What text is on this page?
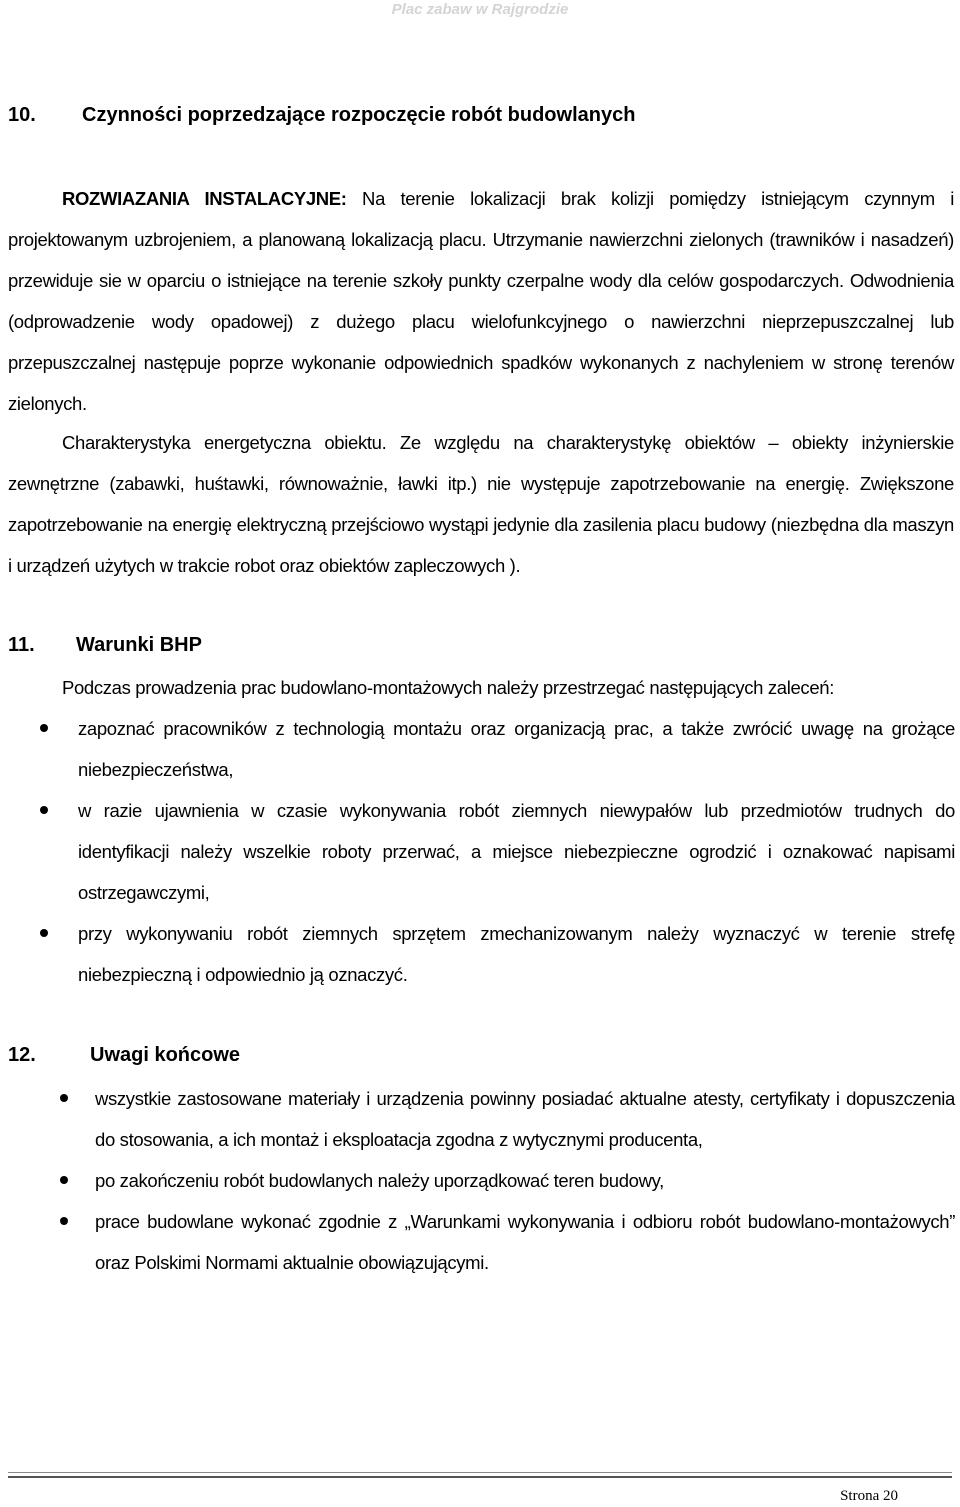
Plac zabaw w Rajgrodzie
10. Czynności poprzedzające rozpoczęcie robót budowlanych
ROZWIAZANIA INSTALACYJNE: Na terenie lokalizacji brak kolizji pomiędzy istniejącym czynnym i projektowanym uzbrojeniem, a planowaną lokalizacją placu. Utrzymanie nawierzchni zielonych (trawników i nasadzeń) przewiduje sie w oparciu o istniejące na terenie szkoły punkty czerpalne wody dla celów gospodarczych. Odwodnienia (odprowadzenie wody opadowej) z dużego placu wielofunkcyjnego o nawierzchni nieprzepuszczalnej lub przepuszczalnej następuje poprze wykonanie odpowiednich spadków wykonanych z nachyleniem w stronę terenów zielonych.
Charakterystyka energetyczna obiektu. Ze względu na charakterystykę obiektów – obiekty inżynierskie zewnętrzne (zabawki, huśtawki, równoważnie, ławki itp.) nie występuje zapotrzebowanie na energię. Zwiększone zapotrzebowanie na energię elektryczną przejściowo wystąpi jedynie dla zasilenia placu budowy (niezbędna dla maszyn i urządzeń użytych w trakcie robot oraz obiektów zapleczowych ).
11. Warunki BHP
Podczas prowadzenia prac budowlano-montażowych należy przestrzegać następujących zaleceń:
zapoznać pracowników z technologią montażu oraz organizacją prac, a także zwrócić uwagę na grożące niebezpieczeństwa,
w razie ujawnienia w czasie wykonywania robót ziemnych niewypałów lub przedmiotów trudnych do identyfikacji należy wszelkie roboty przerwać, a miejsce niebezpieczne ogrodzić i oznakować napisami ostrzegawczymi,
przy wykonywaniu robót ziemnych sprzętem zmechanizowanym należy wyznaczyć w terenie strefę niebezpieczną i odpowiednio ją oznaczyć.
12.	Uwagi końcowe
wszystkie zastosowane materiały i urządzenia powinny posiadać aktualne atesty, certyfikaty i dopuszczenia do stosowania, a ich montaż i eksploatacja zgodna z wytycznymi producenta,
po zakończeniu robót budowlanych należy uporządkować teren budowy,
prace budowlane wykonać zgodnie z „Warunkami wykonywania i odbioru robót budowlano-montażowych” oraz Polskimi Normami aktualnie obowiązującymi.
Strona 20
